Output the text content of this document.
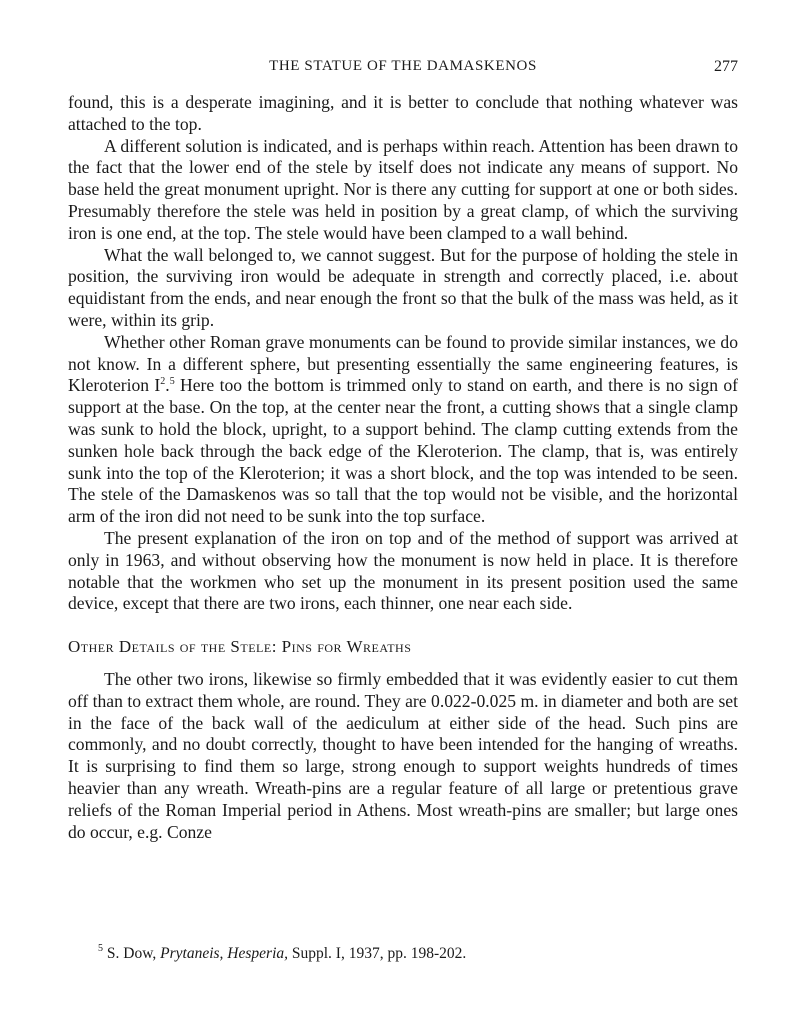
THE STATUE OF THE DAMASKENOS	277

found, this is a desperate imagining, and it is better to conclude that nothing whatever was attached to the top.

A different solution is indicated, and is perhaps within reach. Attention has been drawn to the fact that the lower end of the stele by itself does not indicate any means of support. No base held the great monument upright. Nor is there any cutting for support at one or both sides. Presumably therefore the stele was held in position by a great clamp, of which the surviving iron is one end, at the top. The stele would have been clamped to a wall behind.

What the wall belonged to, we cannot suggest. But for the purpose of holding the stele in position, the surviving iron would be adequate in strength and correctly placed, i.e. about equidistant from the ends, and near enough the front so that the bulk of the mass was held, as it were, within its grip.

Whether other Roman grave monuments can be found to provide similar instances, we do not know. In a different sphere, but presenting essentially the same engineering features, is Kleroterion $I^2.^5$ Here too the bottom is trimmed only to stand on earth, and there is no sign of support at the base. On the top, at the center near the front, a cutting shows that a single clamp was sunk to hold the block, upright, to a support behind. The clamp cutting extends from the sunken hole back through the back edge of the Kleroterion. The clamp, that is, was entirely sunk into the top of the Kleroterion; it was a short block, and the top was intended to be seen. The stele of the Damaskenos was so tall that the top would not be visible, and the horizontal arm of the iron did not need to be sunk into the top surface.

The present explanation of the iron on top and of the method of support was arrived at only in 1963, and without observing how the monument is now held in place. It is therefore notable that the workmen who set up the monument in its present position used the same device, except that there are two irons, each thinner, one near each side.

Other Details of the Stele: Pins for Wreaths

The other two irons, likewise so firmly embedded that it was evidently easier to cut them off than to extract them whole, are round. They are 0.022-0.025 m. in diameter and both are set in the face of the back wall of the aediculum at either side of the head. Such pins are commonly, and no doubt correctly, thought to have been intended for the hanging of wreaths. It is surprising to find them so large, strong enough to support weights hundreds of times heavier than any wreath. Wreath-pins are a regular feature of all large or pretentious grave reliefs of the Roman Imperial period in Athens. Most wreath-pins are smaller; but large ones do occur, e.g. Conze

$^5$ S. Dow, Prytaneis, Hesperia, Suppl. I, 1937, pp. 198-202.
